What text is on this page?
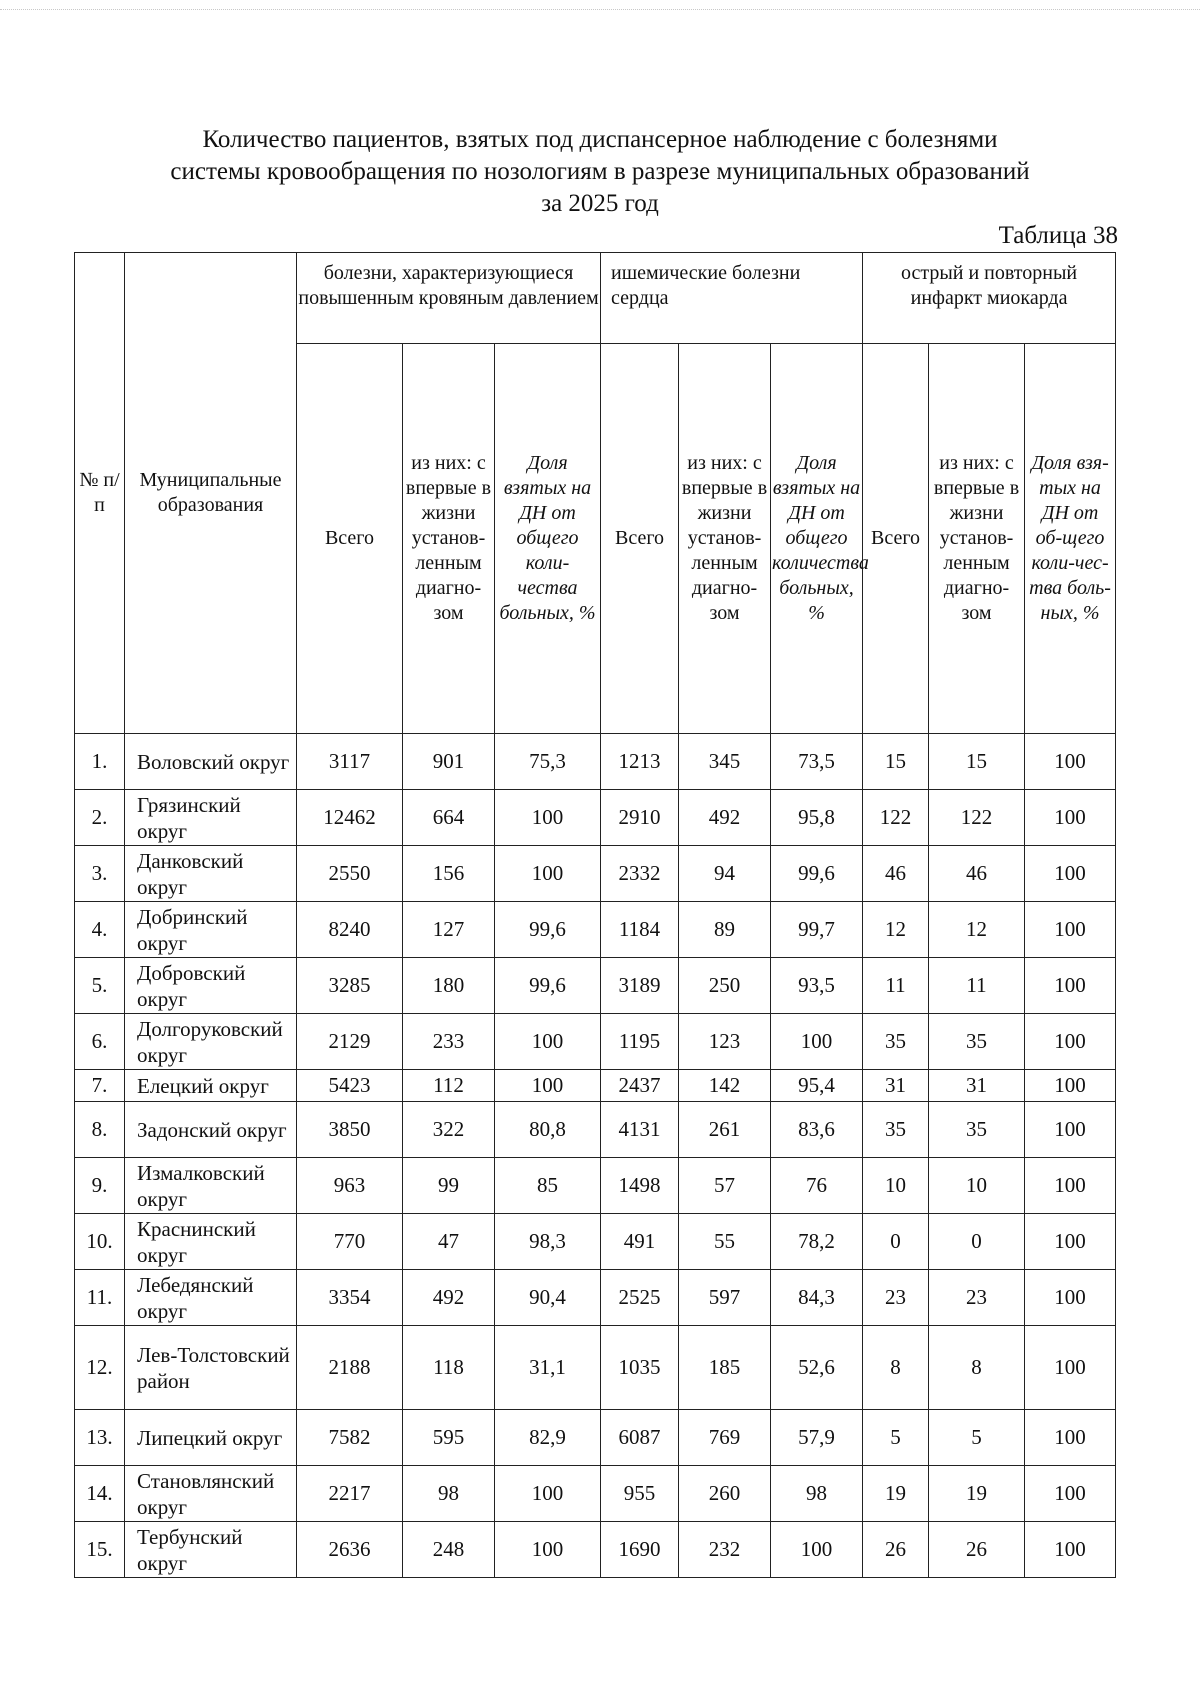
Количество пациентов, взятых под диспансерное наблюдение с болезнями
системы кровообращения по нозологиям в разрезе муниципальных образований
за 2025 год
Таблица 38
№ п/п	Муниципальные образования	болезни, характеризующиеся повышенным кровяным давлением			ишемические болезни сердца			острый и повторный инфаркт миокарда		
		Всего	из них: с впервые в жизни установ-ленным диагно-зом	Доля взятых на ДН от общего коли-чества больных, %	Всего	из них: с впервые в жизни установ-ленным диагно-зом	Доля взятых на ДН от общего количества больных, %	Всего	из них: с впервые в жизни установ-ленным диагно-зом	Доля взя-тых на ДН от об-щего коли-чес-тва боль-ных, %
1.	Воловский округ	3117	901	75,3	1213	345	73,5	15	15	100
2.	Грязинский округ	12462	664	100	2910	492	95,8	122	122	100
3.	Данковский округ	2550	156	100	2332	94	99,6	46	46	100
4.	Добринский округ	8240	127	99,6	1184	89	99,7	12	12	100
5.	Добровский округ	3285	180	99,6	3189	250	93,5	11	11	100
6.	Долгоруковский округ	2129	233	100	1195	123	100	35	35	100
7.	Елецкий округ	5423	112	100	2437	142	95,4	31	31	100
8.	Задонский округ	3850	322	80,8	4131	261	83,6	35	35	100
9.	Измалковский округ	963	99	85	1498	57	76	10	10	100
10.	Краснинский округ	770	47	98,3	491	55	78,2	0	0	100
11.	Лебедянский округ	3354	492	90,4	2525	597	84,3	23	23	100
12.	Лев-Толстовский район	2188	118	31,1	1035	185	52,6	8	8	100
13.	Липецкий округ	7582	595	82,9	6087	769	57,9	5	5	100
14.	Становлянский округ	2217	98	100	955	260	98	19	19	100
15.	Тербунский округ	2636	248	100	1690	232	100	26	26	100
